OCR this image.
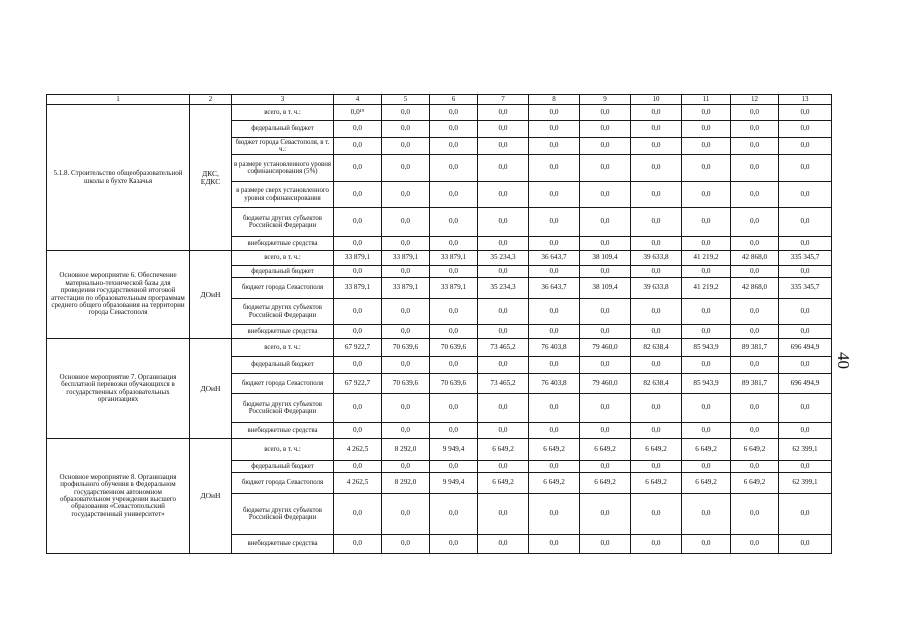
1	2	3	4	5	6	7	8	9	10	11	12	13
5.1.8. Строительство общеобразовательной школы в бухте Казачья	ДКС, ЕДКС	всего, в т. ч.:	0,0¹⁹	0,0	0,0	0,0	0,0	0,0	0,0	0,0	0,0	0,0
		федеральный бюджет	0,0	0,0	0,0	0,0	0,0	0,0	0,0	0,0	0,0	0,0
		бюджет города Севастополя, в т. ч.:	0,0	0,0	0,0	0,0	0,0	0,0	0,0	0,0	0,0	0,0
		в размере установленного уровня софинансирования (5%)	0,0	0,0	0,0	0,0	0,0	0,0	0,0	0,0	0,0	0,0
		в размере сверх установленного уровня софинансирования	0,0	0,0	0,0	0,0	0,0	0,0	0,0	0,0	0,0	0,0
		бюджеты других субъектов Российской Федерации	0,0	0,0	0,0	0,0	0,0	0,0	0,0	0,0	0,0	0,0
		внебюджетные средства	0,0	0,0	0,0	0,0	0,0	0,0	0,0	0,0	0,0	0,0
Основное мероприятие 6. Обеспечение материально-технической базы для проведения государственной итоговой аттестации по образовательным программам среднего общего образования на территории города Севастополя	ДОиН	всего, в т. ч.:	33 879,1	33 879,1	33 879,1	35 234,3	36 643,7	38 109,4	39 633,8	41 219,2	42 868,0	335 345,7
		федеральный бюджет	0,0	0,0	0,0	0,0	0,0	0,0	0,0	0,0	0,0	0,0
		бюджет города Севастополя	33 879,1	33 879,1	33 879,1	35 234,3	36 643,7	38 109,4	39 633,8	41 219,2	42 868,0	335 345,7
		бюджеты других субъектов Российской Федерации	0,0	0,0	0,0	0,0	0,0	0,0	0,0	0,0	0,0	0,0
		внебюджетные средства	0,0	0,0	0,0	0,0	0,0	0,0	0,0	0,0	0,0	0,0
Основное мероприятие 7. Организация бесплатной перевозки обучающихся в государственных образовательных организациях	ДОиН	всего, в т. ч.:	67 922,7	70 639,6	70 639,6	73 465,2	76 403,8	79 460,0	82 638,4	85 943,9	89 381,7	696 494,9
		федеральный бюджет	0,0	0,0	0,0	0,0	0,0	0,0	0,0	0,0	0,0	0,0
		бюджет города Севастополя	67 922,7	70 639,6	70 639,6	73 465,2	76 403,8	79 460,0	82 638,4	85 943,9	89 381,7	696 494,9
		бюджеты других субъектов Российской Федерации	0,0	0,0	0,0	0,0	0,0	0,0	0,0	0,0	0,0	0,0
		внебюджетные средства	0,0	0,0	0,0	0,0	0,0	0,0	0,0	0,0	0,0	0,0
Основное мероприятие 8. Организация профильного обучения в Федеральном государственном автономном образовательном учреждении высшего образования «Севастопольский государственный университет»	ДОиН	всего, в т. ч.:	4 262,5	8 292,0	9 949,4	6 649,2	6 649,2	6 649,2	6 649,2	6 649,2	6 649,2	62 399,1
		федеральный бюджет	0,0	0,0	0,0	0,0	0,0	0,0	0,0	0,0	0,0	0,0
		бюджет города Севастополя	4 262,5	8 292,0	9 949,4	6 649,2	6 649,2	6 649,2	6 649,2	6 649,2	6 649,2	62 399,1
		бюджеты других субъектов Российской Федерации	0,0	0,0	0,0	0,0	0,0	0,0	0,0	0,0	0,0	0,0
		внебюджетные средства	0,0	0,0	0,0	0,0	0,0	0,0	0,0	0,0	0,0	0,0
40
